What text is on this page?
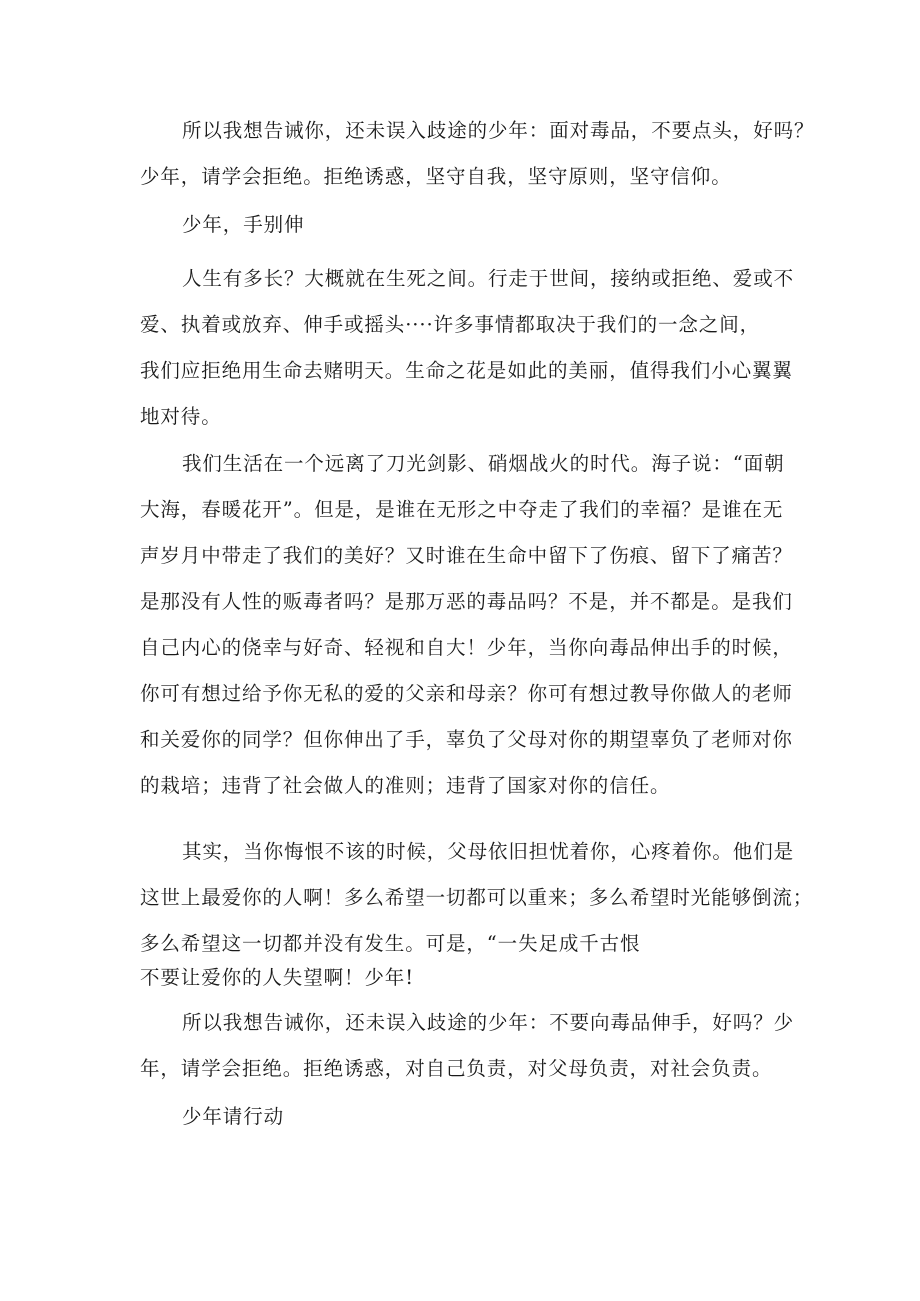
所以我想告诫你，还未误入歧途的少年：面对毒品，不要点头，好吗？
少年，请学会拒绝。拒绝诱惑，坚守自我，坚守原则，坚守信仰。
少年，手别伸
人生有多长？大概就在生死之间。行走于世间，接纳或拒绝、爱或不
爱、执着或放弃、伸手或摇头····许多事情都取决于我们的一念之间，
我们应拒绝用生命去赌明天。生命之花是如此的美丽，值得我们小心翼翼
地对待。
我们生活在一个远离了刀光剑影、硝烟战火的时代。海子说：“面朝
大海，春暖花开”。但是，是谁在无形之中夺走了我们的幸福？是谁在无
声岁月中带走了我们的美好？又时谁在生命中留下了伤痕、留下了痛苦？
是那没有人性的贩毒者吗？是那万恶的毒品吗？不是，并不都是。是我们
自己内心的侥幸与好奇、轻视和自大！少年，当你向毒品伸出手的时候，
你可有想过给予你无私的爱的父亲和母亲？你可有想过教导你做人的老师
和关爱你的同学？但你伸出了手，辜负了父母对你的期望辜负了老师对你
的栽培；违背了社会做人的准则；违背了国家对你的信任。
其实，当你悔恨不该的时候，父母依旧担忧着你，心疼着你。他们是
这世上最爱你的人啊！多么希望一切都可以重来；多么希望时光能够倒流；
多么希望这一切都并没有发生。可是，“一失足成千古恨
不要让爱你的人失望啊！少年!
所以我想告诫你，还未误入歧途的少年：不要向毒品伸手，好吗？少
年，请学会拒绝。拒绝诱惑，对自己负责，对父母负责，对社会负责。
少年请行动
